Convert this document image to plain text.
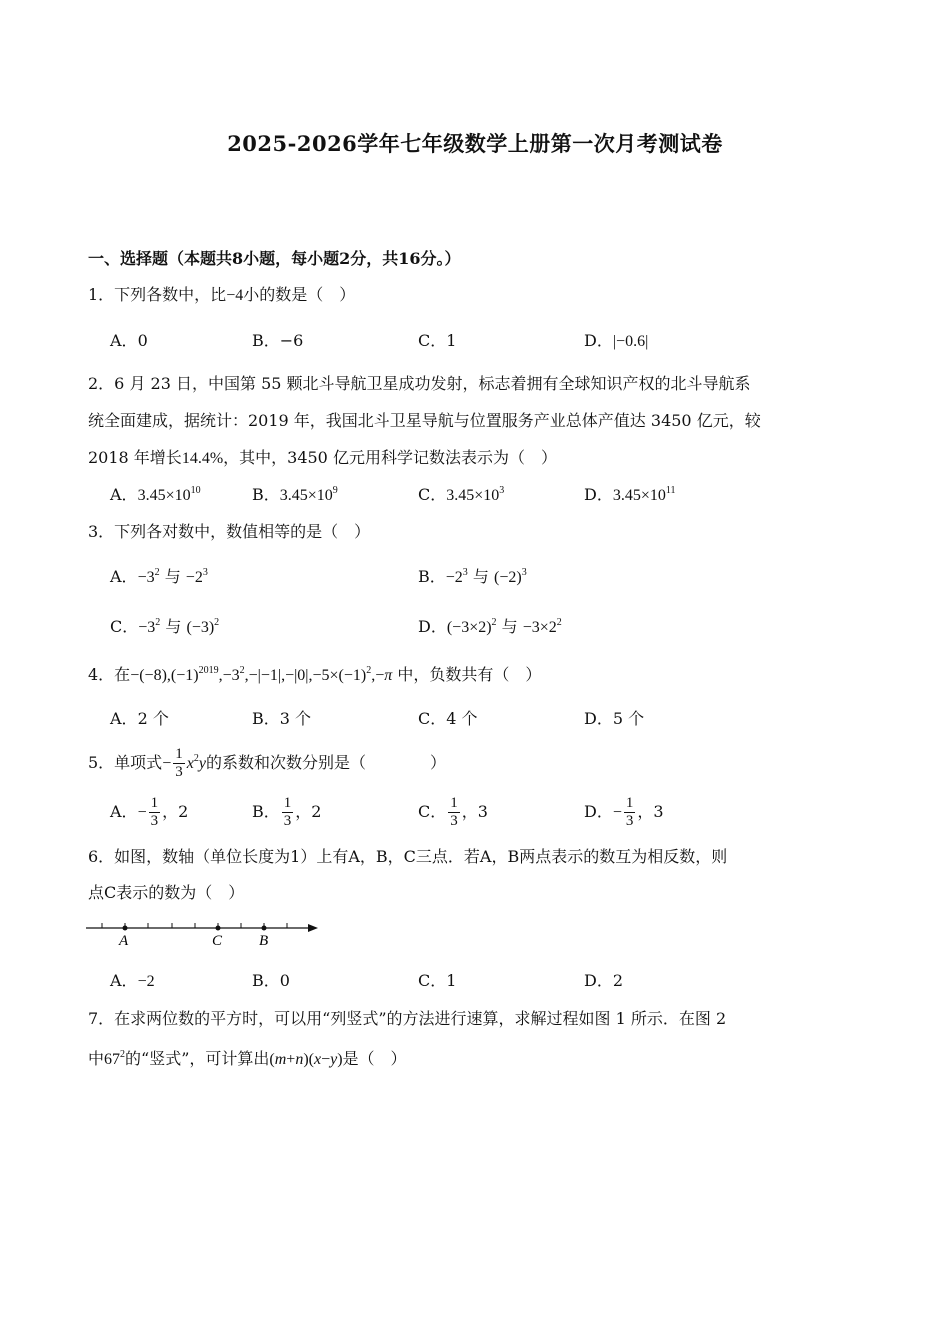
2025-2026学年七年级数学上册第一次月考测试卷
一、选择题（本题共8小题，每小题2分，共16分。）
1．下列各数中，比−4小的数是（　）
A．0	B．−6	C．1	D．|−0.6|
2．6 月 23 日，中国第 55 颗北斗导航卫星成功发射，标志着拥有全球知识产权的北斗导航系
统全面建成，据统计：2019 年，我国北斗卫星导航与位置服务产业总体产值达 3450 亿元，较
2018 年增长14.4%，其中，3450 亿元用科学记数法表示为（　）
A．$3.45\times 10^{10}$	B．$3.45\times 10^9$	C．$3.45\times 10^3$	D．$3.45\times 10^{11}$
3．下列各对数中，数值相等的是（　）
A．$-3^2$ 与 $-2^3$	B．$-2^3$ 与 $(-2)^3$
C．$-3^2$ 与 $(-3)^2$	D．$(-3\times 2)^2$ 与 $-3\times 2^2$
4．在$-(-8),(-1)^{2019},-3^2,-|-1|,-|0|,-5\times(-1)^2,-\pi$ 中，负数共有（　）
A．2 个	B．3 个	C．4 个	D．5 个
5．单项式− $\frac{1}{3} x^2y$的系数和次数分别是（	）
A．− $\frac{1}{3}$ ，2	B． $\frac{1}{3}$ ，2	C． $\frac{1}{3}$ ，3	D．− $\frac{1}{3}$ ，3
6．如图，数轴（单位长度为1）上有A，B，C三点．若A，B两点表示的数互为相反数，则
点C表示的数为（　）
A	C B
A．−2	B．0	C．1	D．2
7．在求两位数的平方时，可以用“列竖式”的方法进行速算，求解过程如图 1 所示．在图 2
中$67^2$的“竖式”，可计算出(m+n)(x−y)是（　）
